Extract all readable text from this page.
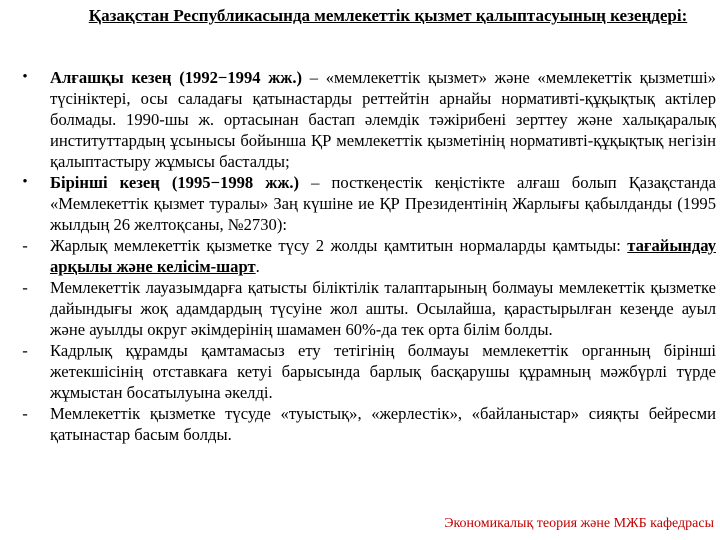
Қазақстан Республикасында мемлекеттік қызмет қалыптасуының кезеңдері:
• Алғашқы кезең (1992−1994 жж.) – «мемлекеттік қызмет» және «мемлекеттік қызметші» түсініктері, осы саладағы қатынастарды реттейтін арнайы нормативті-құқықтық актілер болмады. 1990-шы ж. ортасынан бастап әлемдік тәжірибені зерттеу және халықаралық институттардың ұсынысы бойынша ҚР мемлекеттік қызметінің нормативті-құқықтық негізін қалыптастыру жұмысы басталды;
• Бірінші кезең (1995−1998 жж.) – посткеңестік кеңістікте алғаш болып Қазақстанда «Мемлекеттік қызмет туралы» Заң күшіне ие ҚР Президентінің Жарлығы қабылданды (1995 жылдың 26 желтоқсаны, №2730):
- Жарлық мемлекеттік қызметке түсу 2 жолды қамтитын нормаларды қамтыды: тағайындау арқылы және келісім-шарт.
- Мемлекеттік лауазымдарға қатысты біліктілік талаптарының болмауы мемлекеттік қызметке дайындығы жоқ адамдардың түсуіне жол ашты. Осылайша, қарастырылған кезеңде ауыл және ауылды округ әкімдерінің шамамен 60%-да тек орта білім болды.
- Кадрлық құрамды қамтамасыз ету тетігінің болмауы мемлекеттік органның бірінші жетекшісінің отставкаға кетуі барысында барлық басқарушы құрамның мәжбүрлі түрде жұмыстан босатылуына әкелді.
- Мемлекеттік қызметке түсуде «туыстық», «жерлестік», «байланыстар» сияқты бейресми қатынастар басым болды.
Экономикалық теория және МЖБ кафедрасы
